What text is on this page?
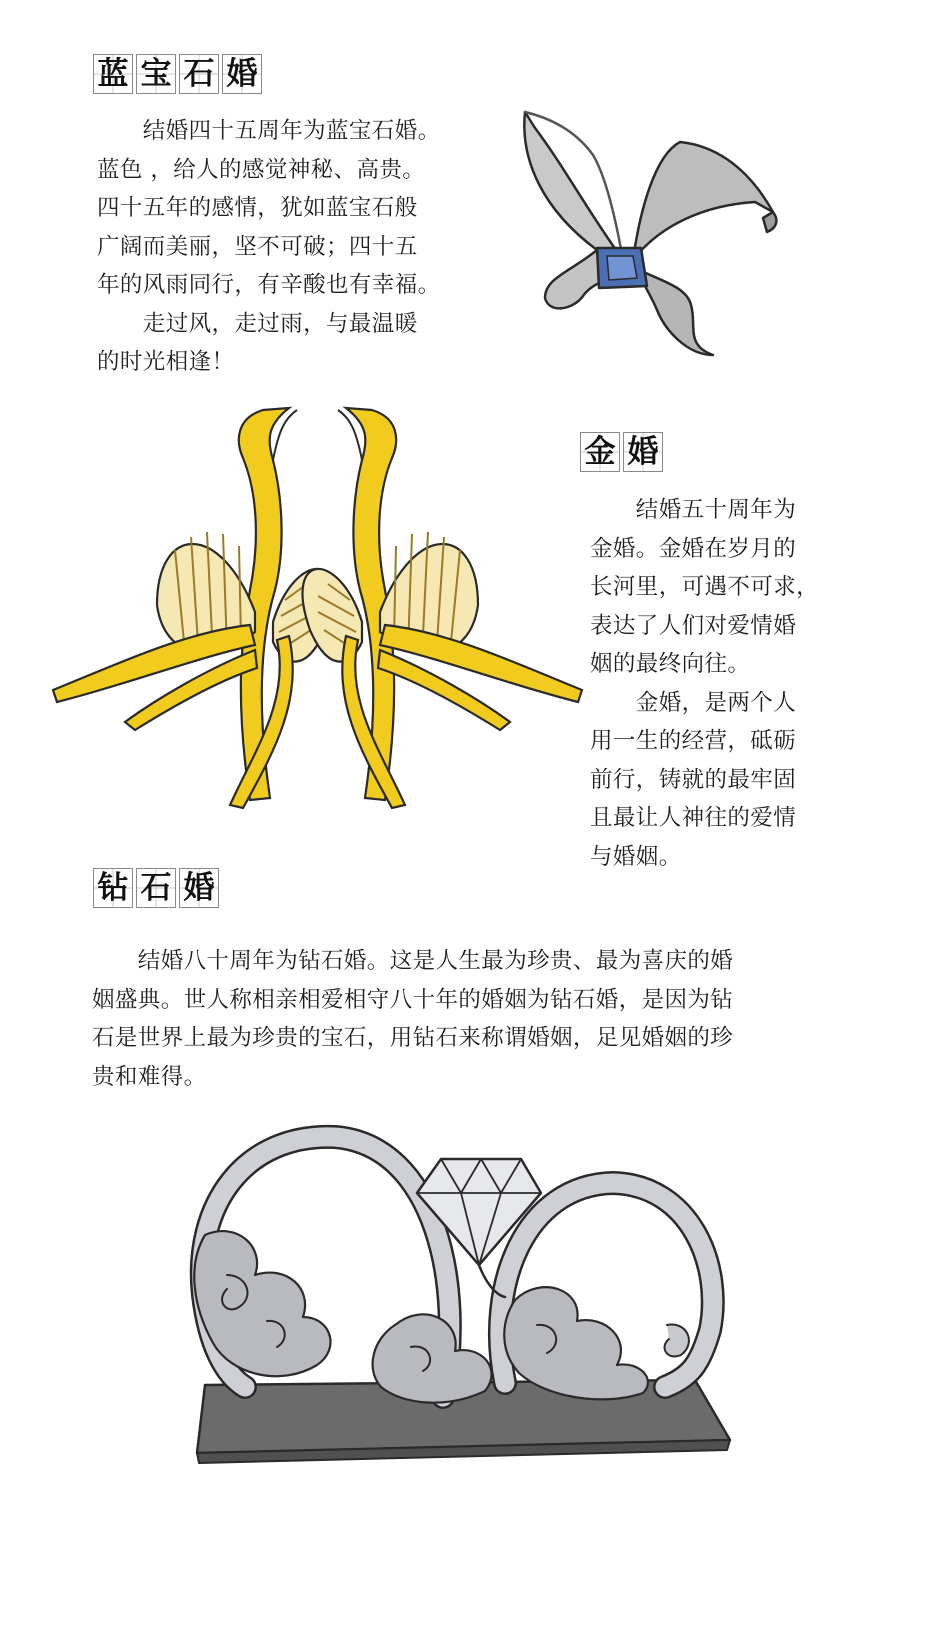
蓝 宝 石 婚

　　结婚四十五周年为蓝宝石婚。
蓝色 ，给人的感觉神秘、高贵。
四十五年的感情，犹如蓝宝石般
广阔而美丽，坚不可破；四十五
年的风雨同行，有辛酸也有幸福。
　　走过风，走过雨，与最温暖
的时光相逢！

金 婚

　　结婚五十周年为
金婚。金婚在岁月的
长河里，可遇不可求，
表达了人们对爱情婚
姻的最终向往。
　　金婚，是两个人
用一生的经营，砥砺
前行，铸就的最牢固
且最让人神往的爱情
与婚姻。

钻 石 婚

　　结婚八十周年为钻石婚。这是人生最为珍贵、最为喜庆的婚
姻盛典。世人称相亲相爱相守八十年的婚姻为钻石婚，是因为钻
石是世界上最为珍贵的宝石，用钻石来称谓婚姻，足见婚姻的珍
贵和难得。
